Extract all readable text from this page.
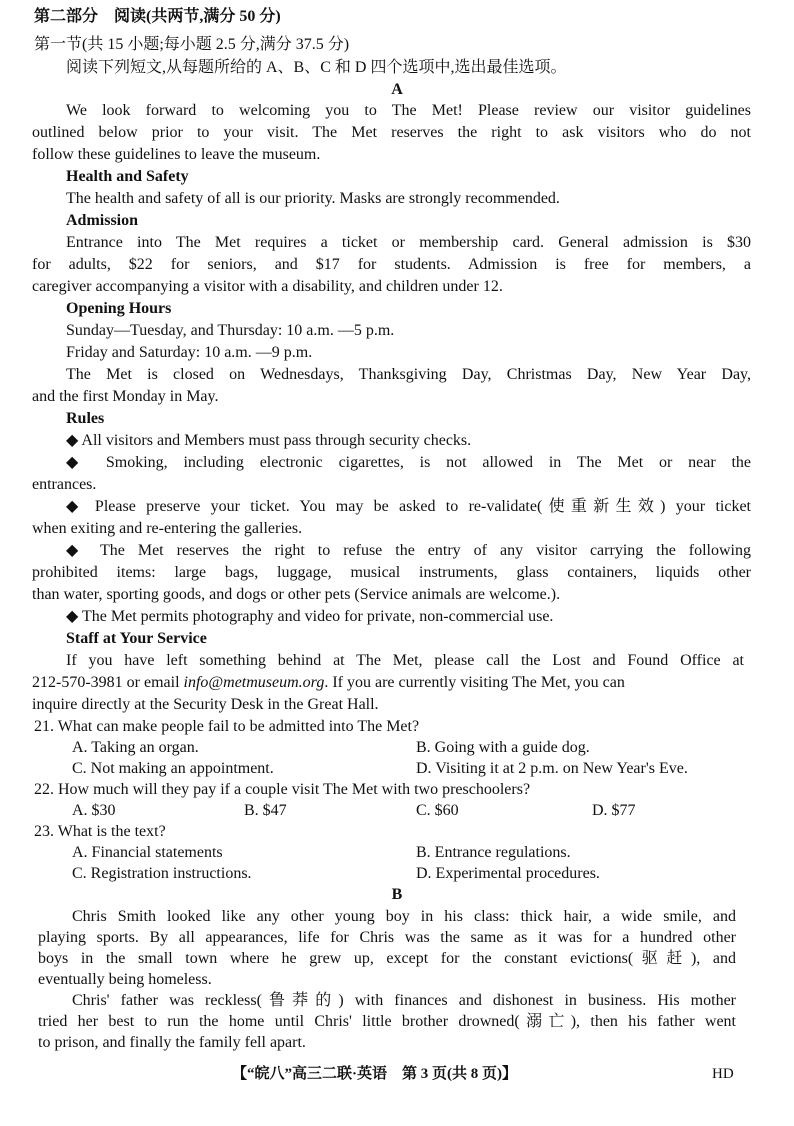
第二部分　阅读(共两节,满分 50 分)
第一节(共 15 小题;每小题 2.5 分,满分 37.5 分)
阅读下列短文,从每题所给的 A、B、C 和 D 四个选项中,选出最佳选项。
A
We look forward to welcoming you to The Met! Please review our visitor guidelines
outlined below prior to your visit. The Met reserves the right to ask visitors who do not
follow these guidelines to leave the museum.
Health and Safety
The health and safety of all is our priority. Masks are strongly recommended.
Admission
Entrance into The Met requires a ticket or membership card. General admission is $30
for adults, $22 for seniors, and $17 for students. Admission is free for members, a
caregiver accompanying a visitor with a disability, and children under 12.
Opening Hours
Sunday—Tuesday, and Thursday: 10 a.m. —5 p.m.
Friday and Saturday: 10 a.m. —9 p.m.
The Met is closed on Wednesdays, Thanksgiving Day, Christmas Day, New Year Day,
and the first Monday in May.
Rules
◆ All visitors and Members must pass through security checks.
◆ Smoking, including electronic cigarettes, is not allowed in The Met or near the
entrances.
◆ Please preserve your ticket. You may be asked to re-validate(使重新生效) your ticket
when exiting and re-entering the galleries.
◆ The Met reserves the right to refuse the entry of any visitor carrying the following
prohibited items: large bags, luggage, musical instruments, glass containers, liquids other
than water, sporting goods, and dogs or other pets (Service animals are welcome.).
◆ The Met permits photography and video for private, non-commercial use.
Staff at Your Service
If you have left something behind at The Met, please call the Lost and Found Office at
212-570-3981 or email info@metmuseum.org. If you are currently visiting The Met, you can
inquire directly at the Security Desk in the Great Hall.
21. What can make people fail to be admitted into The Met?
A. Taking an organ.	B. Going with a guide dog.
C. Not making an appointment.	D. Visiting it at 2 p.m. on New Year's Eve.
22. How much will they pay if a couple visit The Met with two preschoolers?
A. $30	B. $47	C. $60	D. $77
23. What is the text?
A. Financial statements	B. Entrance regulations.
C. Registration instructions.	D. Experimental procedures.
B
Chris Smith looked like any other young boy in his class: thick hair, a wide smile, and
playing sports. By all appearances, life for Chris was the same as it was for a hundred other
boys in the small town where he grew up, except for the constant evictions(驱赶), and
eventually being homeless.
Chris' father was reckless(鲁莽的) with finances and dishonest in business. His mother
tried her best to run the home until Chris' little brother drowned(溺亡), then his father went
to prison, and finally the family fell apart.
【“皖八”高三二联·英语　第 3 页(共 8 页)】	HD
